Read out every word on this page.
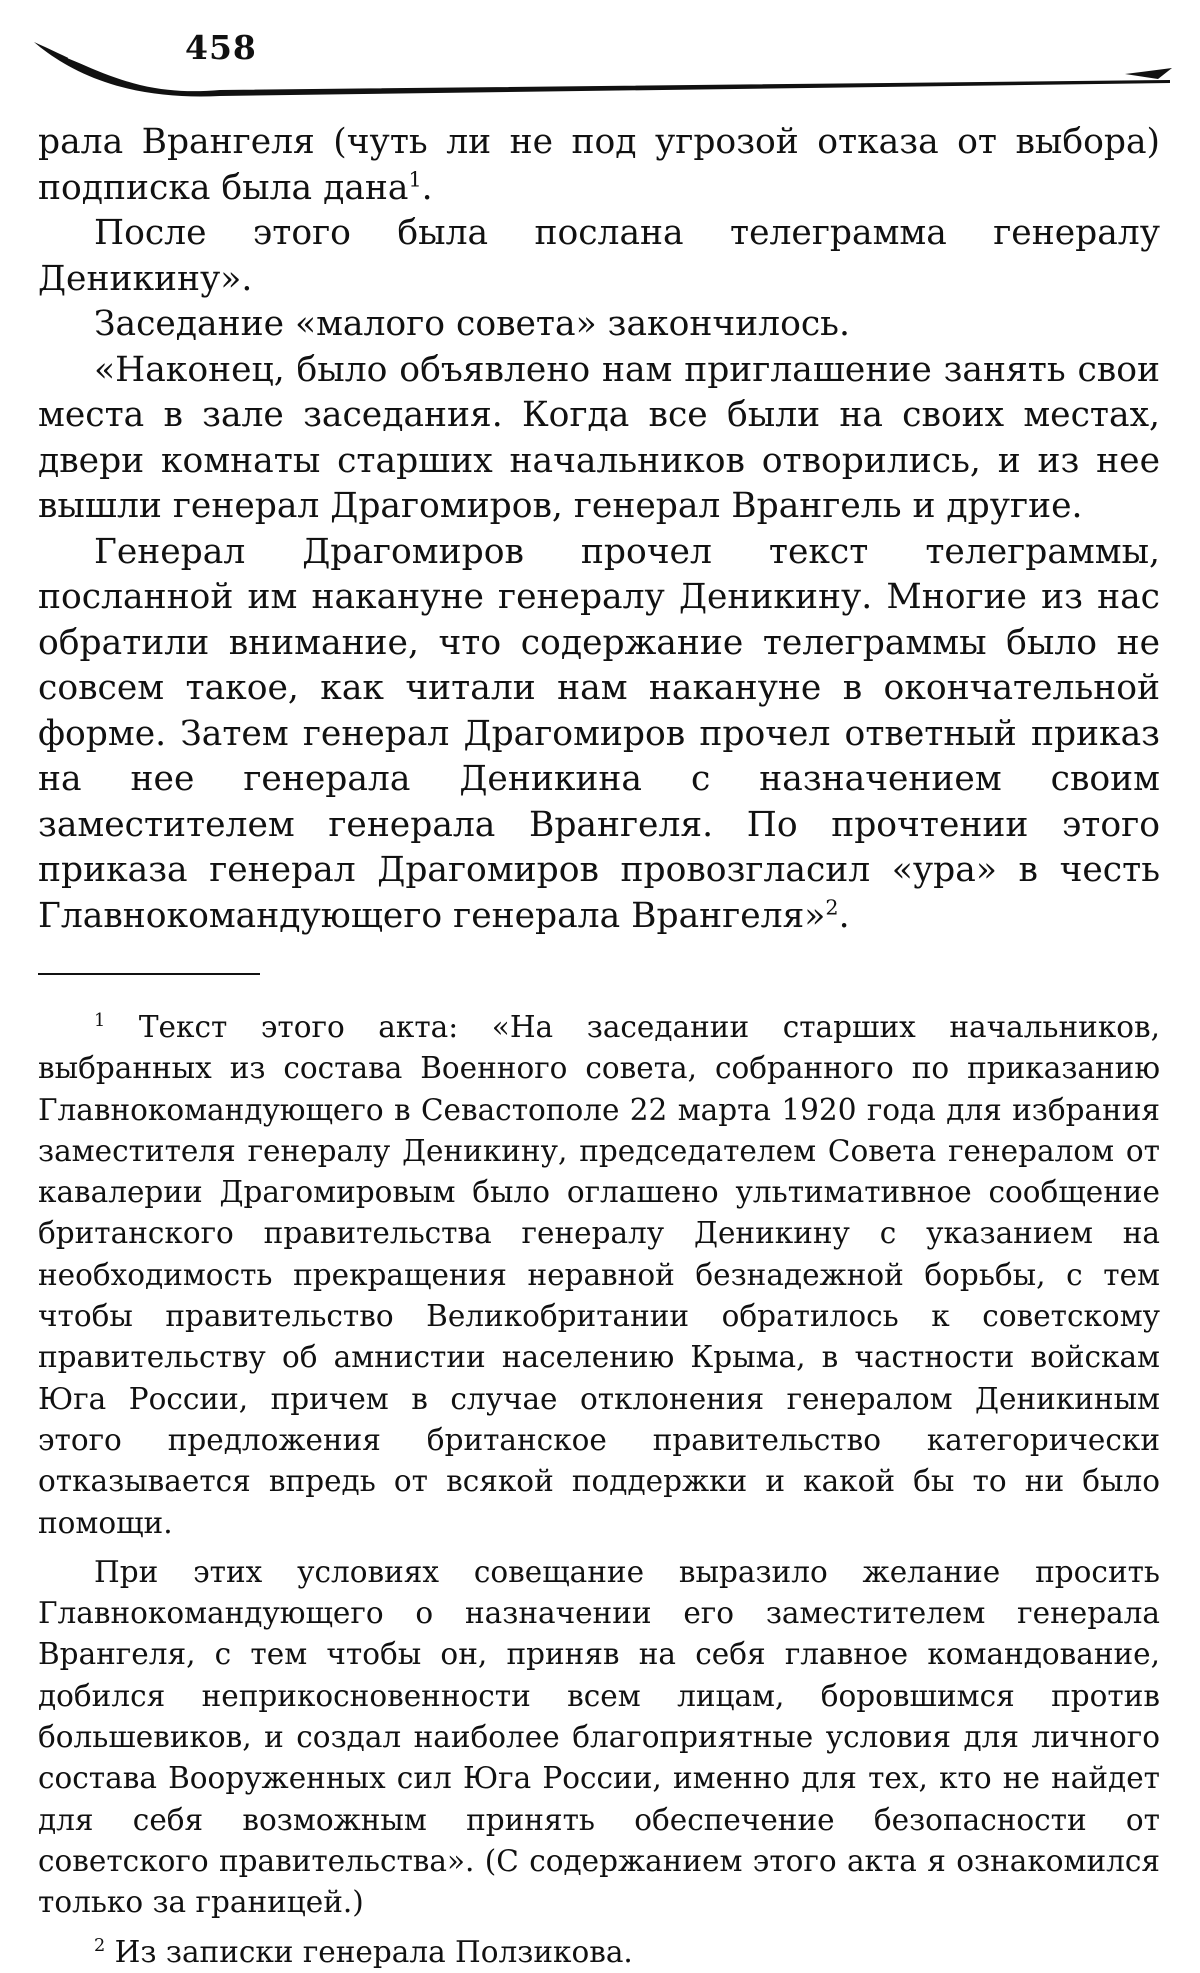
458

рала Врангеля (чуть ли не под угрозой отказа от выбора) подписка была дана$^1$.

После этого была послана телеграмма генералу Деникину».

Заседание «малого совета» закончилось.

«Наконец, было объявлено нам приглашение занять свои места в зале заседания. Когда все были на своих местах, двери комнаты старших начальников отворились, и из нее вышли генерал Драгомиров, генерал Врангель и другие.

Генерал Драгомиров прочел текст телеграммы, посланной им накануне генералу Деникину. Многие из нас обратили внимание, что содержание телеграммы было не совсем такое, как читали нам накануне в окончательной форме. Затем генерал Драгомиров прочел ответный приказ на нее генерала Деникина с назначением своим заместителем генерала Врангеля. По прочтении этого приказа генерал Драгомиров провозгласил «ура» в честь Главнокомандующего генерала Врангеля»$^2$.

$^1$ Текст этого акта: «На заседании старших начальников, выбранных из состава Военного совета, собранного по приказанию Главнокомандующего в Севастополе 22 марта 1920 года для избрания заместителя генералу Деникину, председателем Совета генералом от кавалерии Драгомировым было оглашено ультимативное сообщение британского правительства генералу Деникину с указанием на необходимость прекращения неравной безнадежной борьбы, с тем чтобы правительство Великобритании обратилось к советскому правительству об амнистии населению Крыма, в частности войскам Юга России, причем в случае отклонения генералом Деникиным этого предложения британское правительство категорически отказывается впредь от всякой поддержки и какой бы то ни было помощи.

При этих условиях совещание выразило желание просить Главнокомандующего о назначении его заместителем генерала Врангеля, с тем чтобы он, приняв на себя главное командование, добился неприкосновенности всем лицам, боровшимся против большевиков, и создал наиболее благоприятные условия для личного состава Вооруженных сил Юга России, именно для тех, кто не найдет для себя возможным принять обеспечение безопасности от советского правительства». (С содержанием этого акта я ознакомился только за границей.)

$^2$ Из записки генерала Ползикова.
